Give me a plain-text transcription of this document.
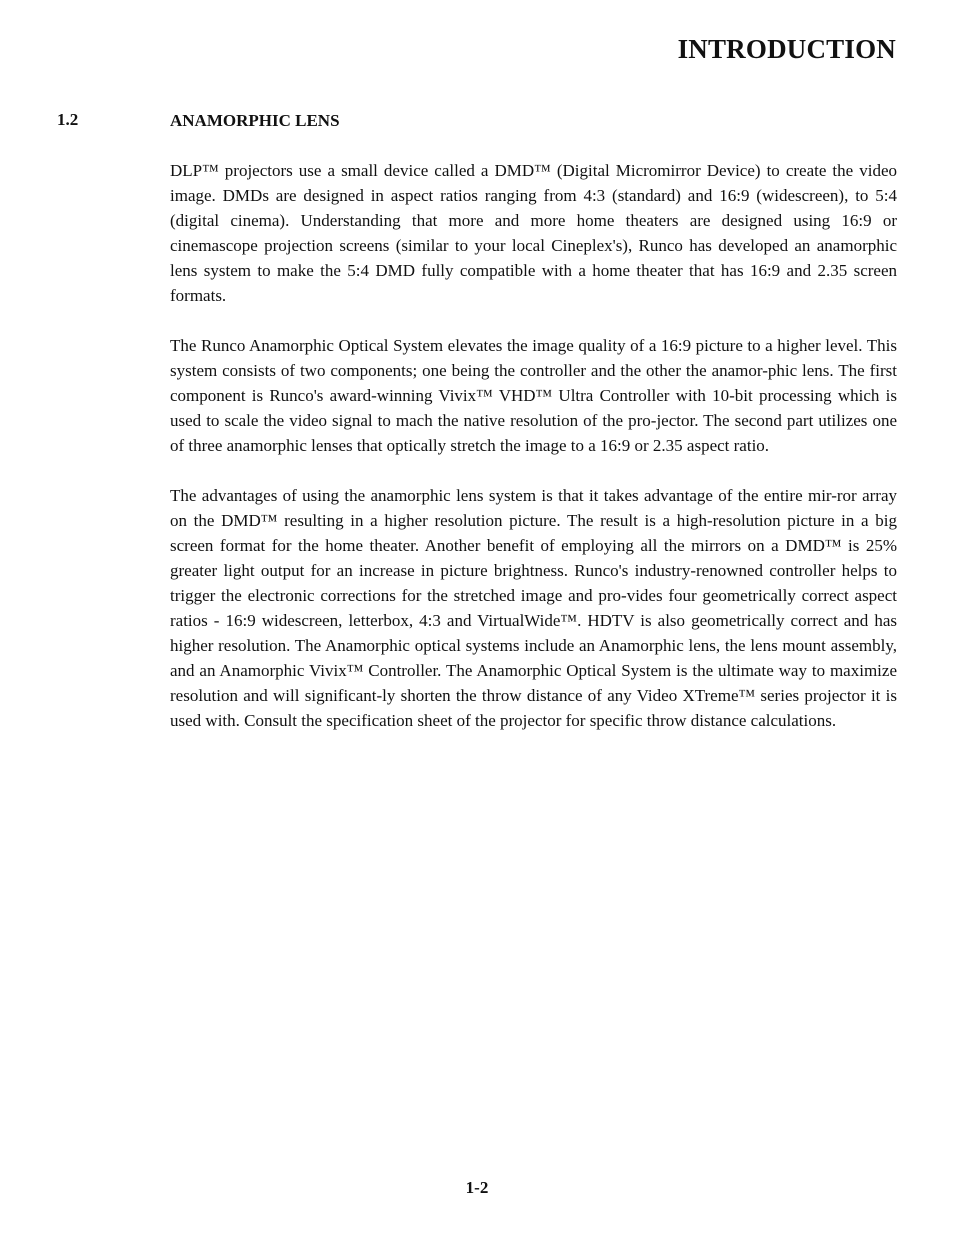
INTRODUCTION
1.2	ANAMORPHIC LENS

DLP™ projectors use a small device called a DMD™ (Digital Micromirror Device) to create the video image. DMDs are designed in aspect ratios ranging from 4:3 (standard) and 16:9 (widescreen), to 5:4 (digital cinema). Understanding that more and more home theaters are designed using 16:9 or cinemascope projection screens (similar to your local Cineplex's), Runco has developed an anamorphic lens system to make the 5:4 DMD fully compatible with a home theater that has 16:9 and 2.35 screen formats.

The Runco Anamorphic Optical System elevates the image quality of a 16:9 picture to a higher level. This system consists of two components; one being the controller and the other the anamor-phic lens. The first component is Runco's award-winning Vivix™ VHD™ Ultra Controller with 10-bit processing which is used to scale the video signal to mach the native resolution of the pro-jector. The second part utilizes one of three anamorphic lenses that optically stretch the image to a 16:9 or 2.35 aspect ratio.

The advantages of using the anamorphic lens system is that it takes advantage of the entire mir-ror array on the DMD™ resulting in a higher resolution picture. The result is a high-resolution picture in a big screen format for the home theater. Another benefit of employing all the mirrors on a DMD™ is 25% greater light output for an increase in picture brightness. Runco's industry-renowned controller helps to trigger the electronic corrections for the stretched image and pro-vides four geometrically correct aspect ratios - 16:9 widescreen, letterbox, 4:3 and VirtualWide™. HDTV is also geometrically correct and has higher resolution. The Anamorphic optical systems include an Anamorphic lens, the lens mount assembly, and an Anamorphic Vivix™ Controller. The Anamorphic Optical System is the ultimate way to maximize resolution and will significant-ly shorten the throw distance of any Video XTreme™ series projector it is used with. Consult the specification sheet of the projector for specific throw distance calculations.

1-2
